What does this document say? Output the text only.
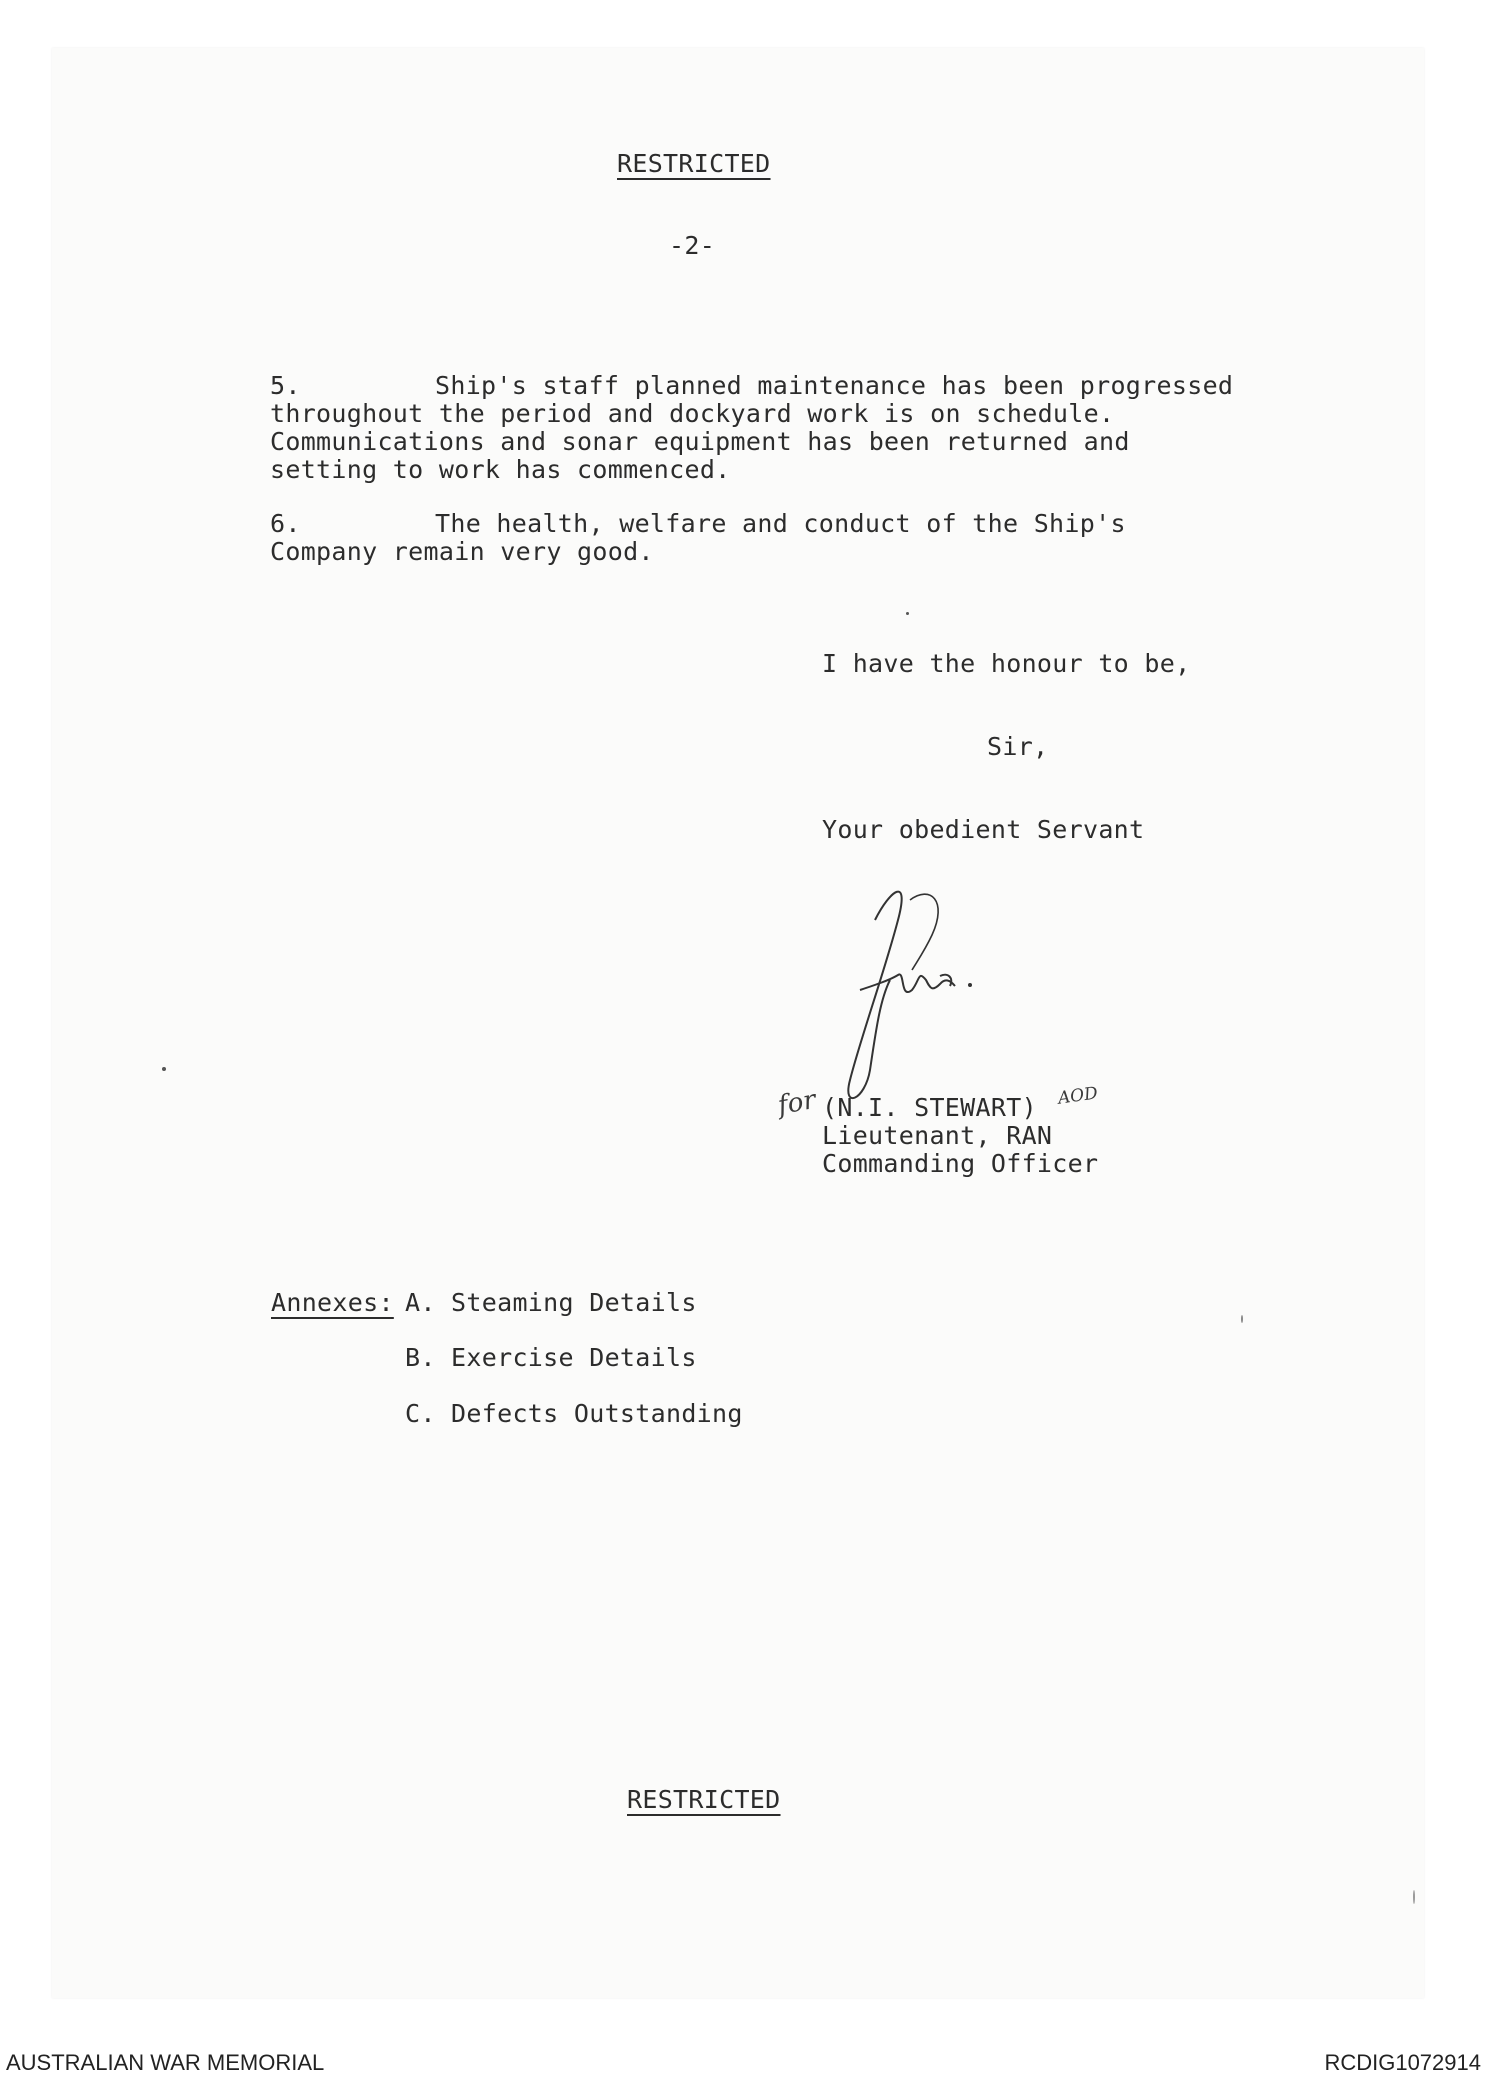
RESTRICTED
-2-
5.	Ship's staff planned maintenance has been progressed
throughout the period and dockyard work is on schedule.
Communications and sonar equipment has been returned and
setting to work has commenced.
6.	The health, welfare and conduct of the Ship's
Company remain very good.
I have the honour to be,
Sir,
Your obedient Servant
for	AOD
(N.I. STEWART)
Lieutenant, RAN
Commanding Officer
Annexes: A. Steaming Details
B. Exercise Details
C. Defects Outstanding
RESTRICTED
AUSTRALIAN WAR MEMORIAL	RCDIG1072914
